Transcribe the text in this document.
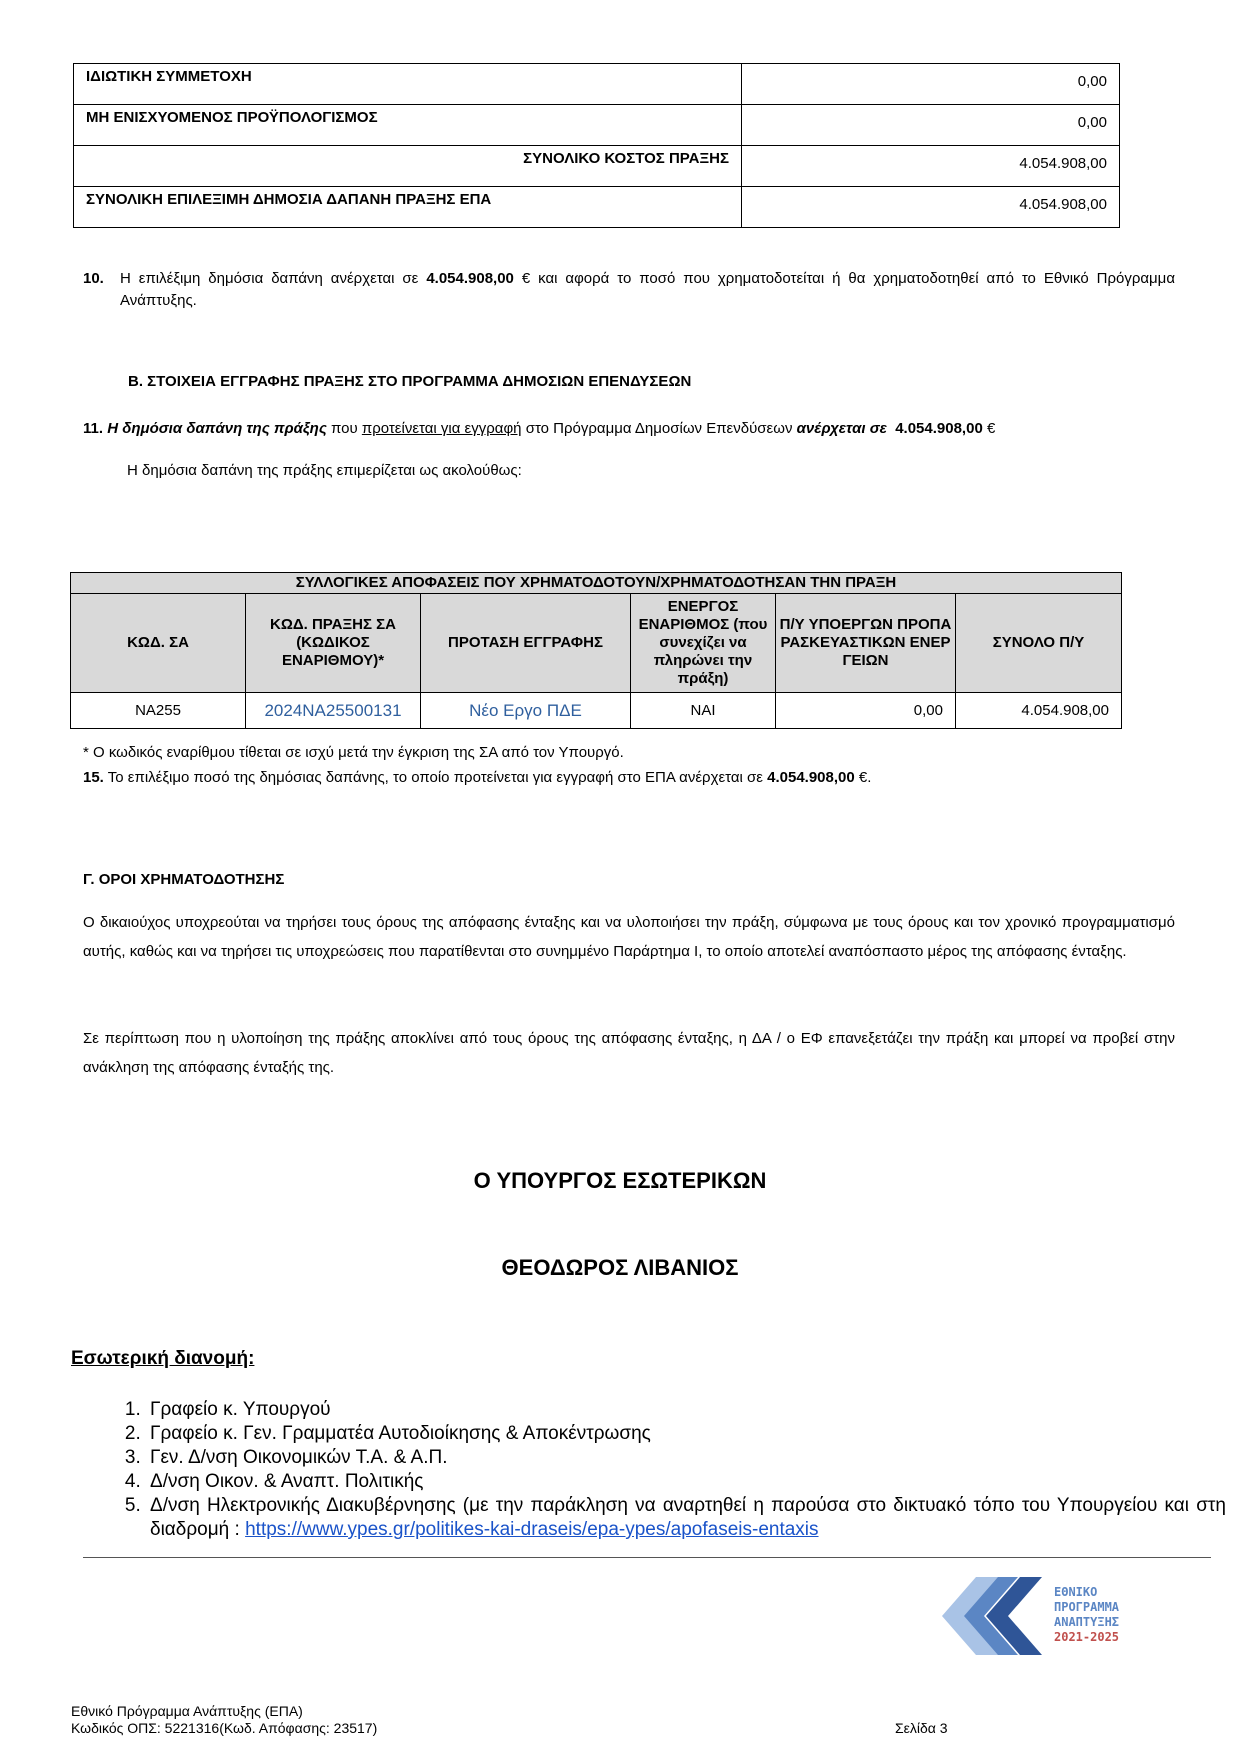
ΙΔΙΩΤΙΚΗ ΣΥΜΜΕΤΟΧΗ	0,00
ΜΗ ΕΝΙΣΧΥΟΜΕΝΟΣ ΠΡΟΫΠΟΛΟΓΙΣΜΟΣ	0,00
ΣΥΝΟΛΙΚΟ ΚΟΣΤΟΣ ΠΡΑΞΗΣ	4.054.908,00
ΣΥΝΟΛΙΚΗ ΕΠΙΛΕΞΙΜΗ ΔΗΜΟΣΙΑ ΔΑΠΑΝΗ ΠΡΑΞΗΣ ΕΠΑ	4.054.908,00
10. Η επιλέξιμη δημόσια δαπάνη ανέρχεται σε 4.054.908,00 € και αφορά το ποσό που χρηματοδοτείται ή θα χρηματοδοτηθεί από το Εθνικό Πρόγραμμα Ανάπτυξης.
Β. ΣΤΟΙΧΕΙΑ ΕΓΓΡΑΦΗΣ ΠΡΑΞΗΣ ΣΤΟ ΠΡΟΓΡΑΜΜΑ ΔΗΜΟΣΙΩΝ ΕΠΕΝΔΥΣΕΩΝ
11. Η δημόσια δαπάνη της πράξης που προτείνεται για εγγραφή στο Πρόγραμμα Δημοσίων Επενδύσεων ανέρχεται σε 4.054.908,00 €
Η δημόσια δαπάνη της πράξης επιμερίζεται ως ακολούθως:
ΣΥΛΛΟΓΙΚΕΣ ΑΠΟΦΑΣΕΙΣ ΠΟΥ ΧΡΗΜΑΤΟΔΟΤΟΥΝ/ΧΡΗΜΑΤΟΔΟΤΗΣΑΝ ΤΗΝ ΠΡΑΞΗ					
ΚΩΔ. ΣΑ	ΚΩΔ. ΠΡΑΞΗΣ ΣΑ (ΚΩΔΙΚΟΣ ΕΝΑΡΙΘΜΟΥ)*	ΠΡΟΤΑΣΗ ΕΓΓΡΑΦΗΣ	ΕΝΕΡΓΟΣ ΕΝΑΡΙΘΜΟΣ (που συνεχίζει να πληρώνει την πράξη)	Π/Υ ΥΠΟΕΡΓΩΝ ΠΡΟΠΑΡΑΣΚΕΥΑΣΤΙΚΩΝ ΕΝΕΡΓΕΙΩΝ	ΣΥΝΟΛΟ Π/Υ
ΝΑ255	2024ΝΑ25500131	Νέο Εργο ΠΔΕ	ΝΑΙ	0,00	4.054.908,00
* Ο κωδικός εναρίθμου τίθεται σε ισχύ μετά την έγκριση της ΣΑ από τον Υπουργό.
15. Το επιλέξιμο ποσό της δημόσιας δαπάνης, το οποίο προτείνεται για εγγραφή στο ΕΠΑ ανέρχεται σε 4.054.908,00 €.
Γ. ΟΡΟΙ ΧΡΗΜΑΤΟΔΟΤΗΣΗΣ
Ο δικαιούχος υποχρεούται να τηρήσει τους όρους της απόφασης ένταξης και να υλοποιήσει την πράξη, σύμφωνα με τους όρους και τον χρονικό προγραμματισμό αυτής, καθώς και να τηρήσει τις υποχρεώσεις που παρατίθενται στο συνημμένο Παράρτημα Ι, το οποίο αποτελεί αναπόσπαστο μέρος της απόφασης ένταξης.
Σε περίπτωση που η υλοποίηση της πράξης αποκλίνει από τους όρους της απόφασης ένταξης, η ΔΑ / ο ΕΦ επανεξετάζει την πράξη και μπορεί να προβεί στην ανάκληση της απόφασης ένταξής της.
Ο ΥΠΟΥΡΓΟΣ ΕΣΩΤΕΡΙΚΩΝ
ΘΕΟΔΩΡΟΣ ΛΙΒΑΝΙΟΣ
Εσωτερική διανομή:
1. Γραφείο κ. Υπουργού
2. Γραφείο κ. Γεν. Γραμματέα Αυτοδιοίκησης & Αποκέντρωσης
3. Γεν. Δ/νση Οικονομικών Τ.Α. & Α.Π.
4. Δ/νση Οικον. & Αναπτ. Πολιτικής
5. Δ/νση Ηλεκτρονικής Διακυβέρνησης (με την παράκληση να αναρτηθεί η παρούσα στο δικτυακό τόπο του Υπουργείου και στη διαδρομή : https://www.ypes.gr/politikes-kai-draseis/epa-ypes/apofaseis-entaxis
ΕΘΝΙΚΟ
ΠΡΟΓΡΑΜΜΑ
ΑΝΑΠΤΥΞΗΣ
2021-2025
Εθνικό Πρόγραμμα Ανάπτυξης (ΕΠΑ)
Κωδικός ΟΠΣ: 5221316(Κωδ. Απόφασης: 23517)	Σελίδα 3
